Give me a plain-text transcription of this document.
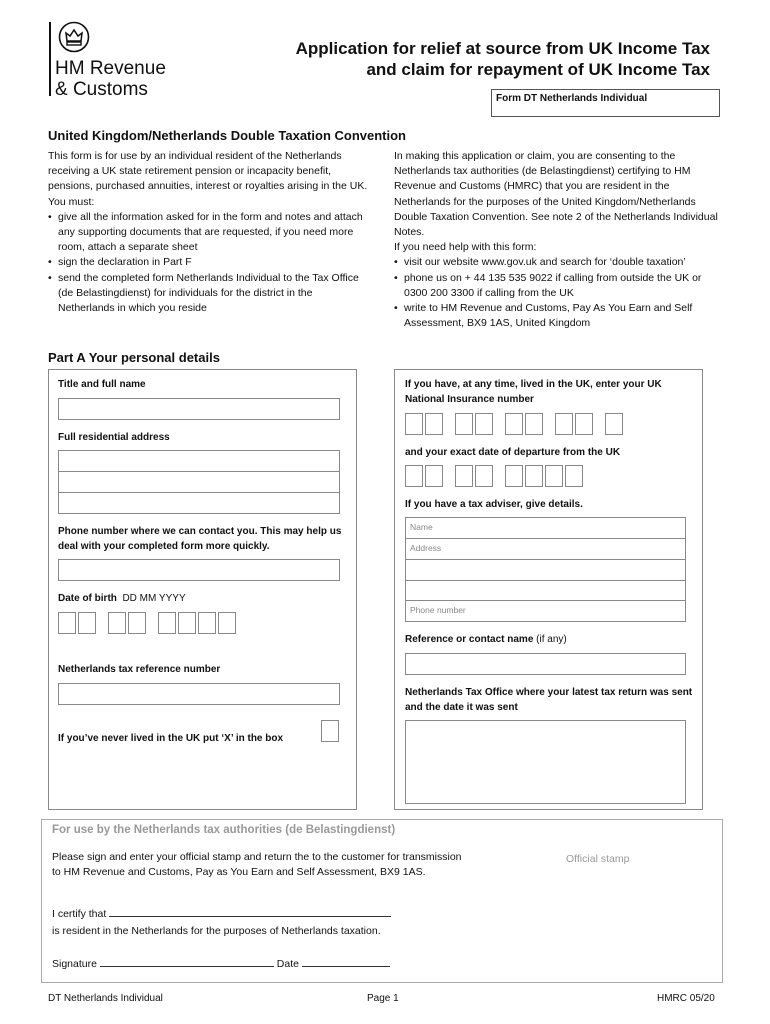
HM Revenue
& Customs
Application for relief at source from UK Income Tax
and claim for repayment of UK Income Tax
Form DT Netherlands Individual
United Kingdom/Netherlands Double Taxation Convention
This form is for use by an individual resident of the Netherlands receiving a UK state retirement pension or incapacity benefit, pensions, purchased annuities, interest or royalties arising in the UK.
You must:
• give all the information asked for in the form and notes and attach any supporting documents that are requested, if you need more room, attach a separate sheet
• sign the declaration in Part F
• send the completed form Netherlands Individual to the Tax Office (de Belastingdienst) for individuals for the district in the Netherlands in which you reside
In making this application or claim, you are consenting to the Netherlands tax authorities (de Belastingdienst) certifying to HM Revenue and Customs (HMRC) that you are resident in the Netherlands for the purposes of the United Kingdom/Netherlands Double Taxation Convention. See note 2 of the Netherlands Individual Notes.
If you need help with this form:
• visit our website www.gov.uk and search for ‘double taxation’
• phone us on + 44 135 535 9022 if calling from outside the UK or 0300 200 3300 if calling from the UK
• write to HM Revenue and Customs, Pay As You Earn and Self Assessment, BX9 1AS, United Kingdom
Part A Your personal details
Title and full name
Full residential address
Phone number where we can contact you. This may help us deal with your completed form more quickly.
Date of birth DD MM YYYY
Netherlands tax reference number
If you’ve never lived in the UK put ‘X’ in the box
If you have, at any time, lived in the UK, enter your UK National Insurance number
and your exact date of departure from the UK
If you have a tax adviser, give details.
Name
Address
Phone number
Reference or contact name (if any)
Netherlands Tax Office where your latest tax return was sent and the date it was sent
For use by the Netherlands tax authorities (de Belastingdienst)
Please sign and enter your official stamp and return the to the customer for transmission to HM Revenue and Customs, Pay as You Earn and Self Assessment, BX9 1AS.
Official stamp
I certify that
is resident in the Netherlands for the purposes of Netherlands taxation.
Signature	Date
DT Netherlands Individual	Page 1	HMRC 05/20
